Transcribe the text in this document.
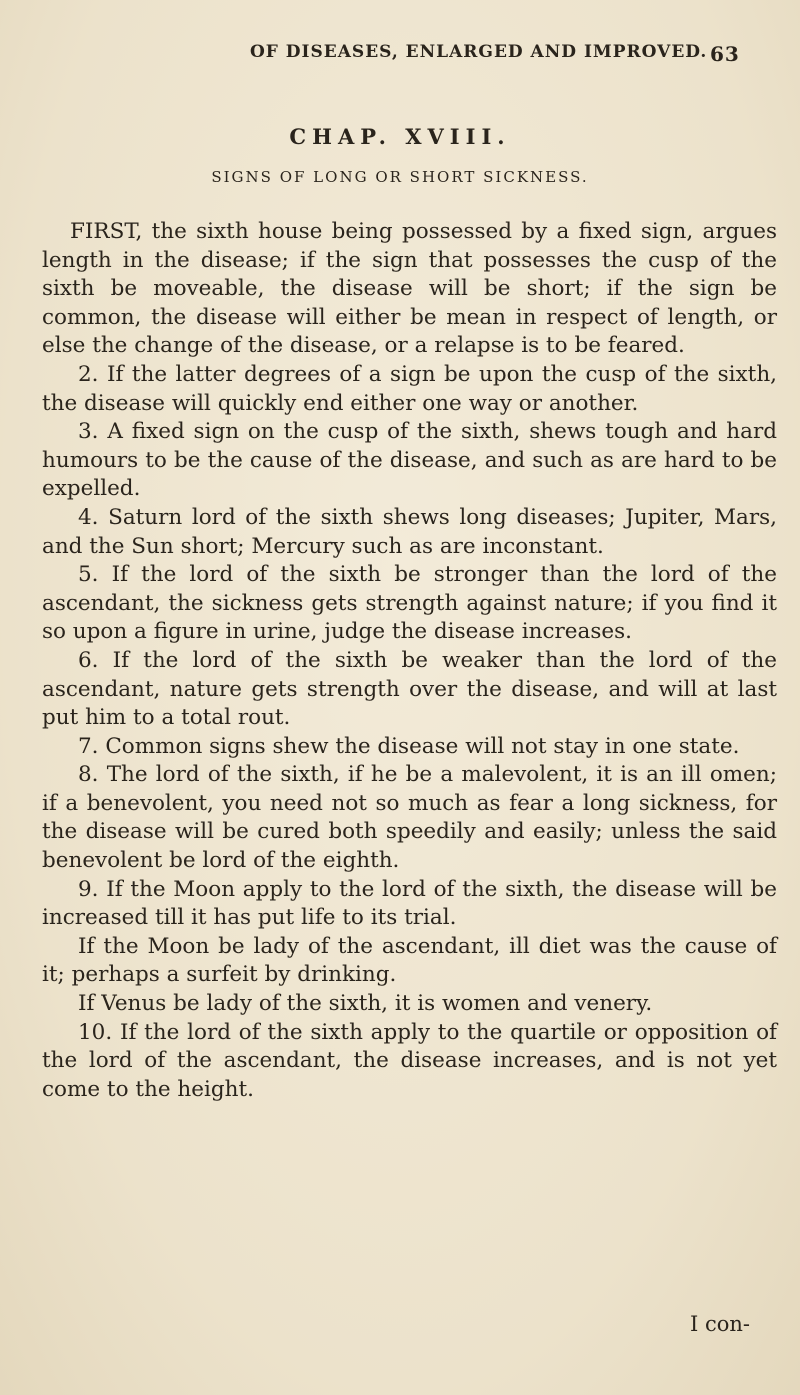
OF DISEASES, ENLARGED AND IMPROVED. 63
CHAP. XVIII.
SIGNS OF LONG OR SHORT SICKNESS.

FIRST, the sixth house being possessed by a fixed sign, argues length in the disease; if the sign that possesses the cusp of the sixth be moveable, the disease will be short; if the sign be common, the disease will either be mean in respect of length, or else the change of the disease, or a relapse is to be feared.

2. If the latter degrees of a sign be upon the cusp of the sixth, the disease will quickly end either one way or another.

3. A fixed sign on the cusp of the sixth, shews tough and hard humours to be the cause of the disease, and such as are hard to be expelled.

4. Saturn lord of the sixth shews long diseases; Jupiter, Mars, and the Sun short; Mercury such as are inconstant.

5. If the lord of the sixth be stronger than the lord of the ascendant, the sickness gets strength against nature; if you find it so upon a figure in urine, judge the disease increases.

6. If the lord of the sixth be weaker than the lord of the ascendant, nature gets strength over the disease, and will at last put him to a total rout.

7. Common signs shew the disease will not stay in one state.

8. The lord of the sixth, if he be a malevolent, it is an ill omen; if a benevolent, you need not so much as fear a long sickness, for the disease will be cured both speedily and easily; unless the said benevolent be lord of the eighth.

9. If the Moon apply to the lord of the sixth, the disease will be increased till it has put life to its trial.

If the Moon be lady of the ascendant, ill diet was the cause of it; perhaps a surfeit by drinking.

If Venus be lady of the sixth, it is women and venery.

10. If the lord of the sixth apply to the quartile or opposition of the lord of the ascendant, the disease increases, and is not yet come to the height.

I con-
